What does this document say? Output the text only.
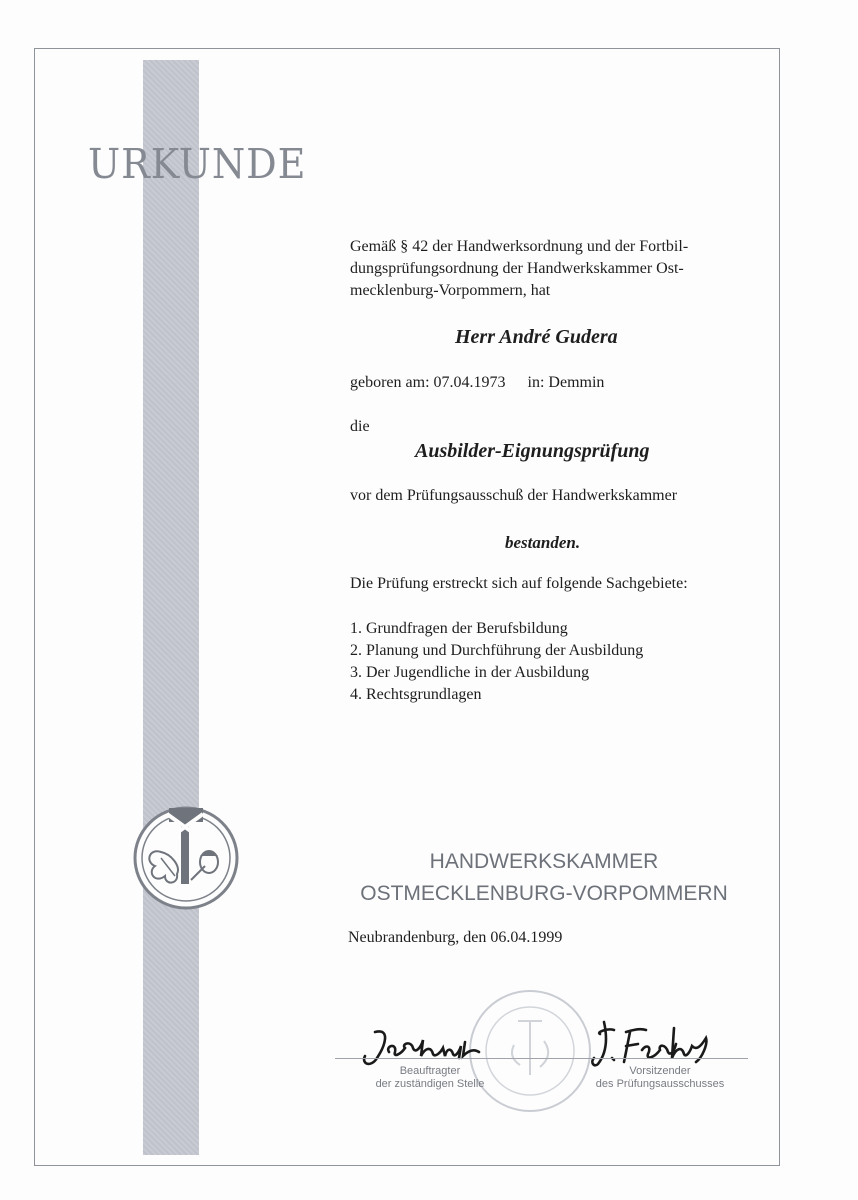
URKUNDE
Gemäß § 42 der Handwerksordnung und der Fortbil-
dungsprüfungsordnung der Handwerkskammer Ost-
mecklenburg-Vorpommern, hat
Herr André Gudera
geboren am: 07.04.1973 in: Demmin
die
Ausbilder-Eignungsprüfung
vor dem Prüfungsausschuß der Handwerkskammer
bestanden.
Die Prüfung erstreckt sich auf folgende Sachgebiete:
1. Grundfragen der Berufsbildung
2. Planung und Durchführung der Ausbildung
3. Der Jugendliche in der Ausbildung
4. Rechtsgrundlagen
HANDWERKSKAMMER
OSTMECKLENBURG-VORPOMMERN
Neubrandenburg, den 06.04.1999
Beauftragter
der zuständigen Stelle
Vorsitzender
des Prüfungsausschusses
